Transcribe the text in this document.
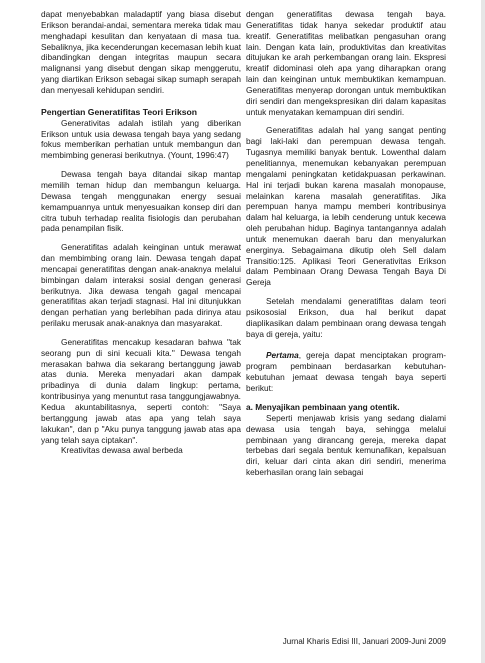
dapat menyebabkan maladaptif yang biasa disebut Erikson berandai-andai, sementara mereka tidak mau menghadapi kesulitan dan kenyataan di masa tua. Sebaliknya, jika kecenderungan kecemasan lebih kuat dibandingkan dengan integritas maupun secara malignansi yang disebut dengan sikap menggerutu, yang diartikan Erikson sebagai sikap sumaph serapah dan menyesali kehidupan sendiri.

Pengertian Generatifitas Teori Erikson

Generativitas adalah istilah yang diberikan Erikson untuk usia dewasa tengah baya yang sedang fokus memberikan perhatian untuk membangun dan membimbing generasi berikutnya. (Yount, 1996:47)

Dewasa tengah baya ditandai sikap mantap memilih teman hidup dan membangun keluarga. Dewasa tengah menggunakan energy sesuai kemampuannya untuk menyesuaikan konsep diri dan citra tubuh terhadap realita fisiologis dan perubahan pada penampilan fisik.

Generatifitas adalah keinginan untuk merawat dan membimbing orang lain. Dewasa tengah dapat mencapai generatifitas dengan anak-anaknya melalui bimbingan dalam interaksi sosial dengan generasi berikutnya. Jika dewasa tengah gagal mencapai generatifitas akan terjadi stagnasi. Hal ini ditunjukkan dengan perhatian yang berlebihan pada dirinya atau perilaku merusak anak-anaknya dan masyarakat.

Generatifitas mencakup kesadaran bahwa "tak seorang pun di sini kecuali kita." Dewasa tengah merasakan bahwa dia sekarang bertanggung jawab atas dunia. Mereka menyadari akan dampak pribadinya di dunia dalam lingkup: pertama, kontribusinya yang menuntut rasa tanggungjawabnya. Kedua akuntabilitasnya, seperti contoh: "Saya bertanggung jawab atas apa yang telah saya lakukan", dan p "Aku punya tanggung jawab atas apa yang telah saya ciptakan".

Kreativitas dewasa awal berbeda

dengan generatifitas dewasa tengah baya. Generatifitas tidak hanya sekedar produktif atau kreatif. Generatifitas melibatkan pengasuhan orang lain. Dengan kata lain, produktivitas dan kreativitas ditujukan ke arah perkembangan orang lain. Ekspresi kreatif didominasi oleh apa yang diharapkan orang lain dan keinginan untuk membuktikan kemampuan. Generatifitas menyerap dorongan untuk membuktikan diri sendiri dan mengekspresikan diri dalam kapasitas untuk menyatakan kemampuan diri sendiri.

Generatifitas adalah hal yang sangat penting bagi laki-laki dan perempuan dewasa tengah. Tugasnya memiliki banyak bentuk. Lowenthal dalam penelitiannya, menemukan kebanyakan perempuan mengalami peningkatan ketidakpuasan perkawinan. Hal ini terjadi bukan karena masalah monopause, melainkan karena masalah generatifitas. Jika perempuan hanya mampu memberi kontribusinya dalam hal keluarga, ia lebih cenderung untuk kecewa oleh perubahan hidup. Baginya tantangannya adalah untuk menemukan daerah baru dan menyalurkan energinya. Sebagaimana dikutip oleh Sell dalam Transitio:125. Aplikasi Teori Generativitas Erikson dalam Pembinaan Orang Dewasa Tengah Baya Di Gereja

Setelah mendalami generatifitas dalam teori psikososial Erikson, dua hal berikut dapat diaplikasikan dalam pembinaan orang dewasa tengah baya di gereja, yaitu:

Pertama, gereja dapat menciptakan program-program pembinaan berdasarkan kebutuhan-kebutuhan jemaat dewasa tengah baya seperti berikut:

a. Menyajikan pembinaan yang otentik.

Seperti menjawab krisis yang sedang dialami dewasa usia tengah baya, sehingga melalui pembinaan yang dirancang gereja, mereka dapat terbebas dari segala bentuk kemunafikan, kepalsuan diri, keluar dari cinta akan diri sendiri, menerima keberhasilan orang lain sebagai

Jurnal Kharis Edisi III, Januari 2009-Juni 2009
